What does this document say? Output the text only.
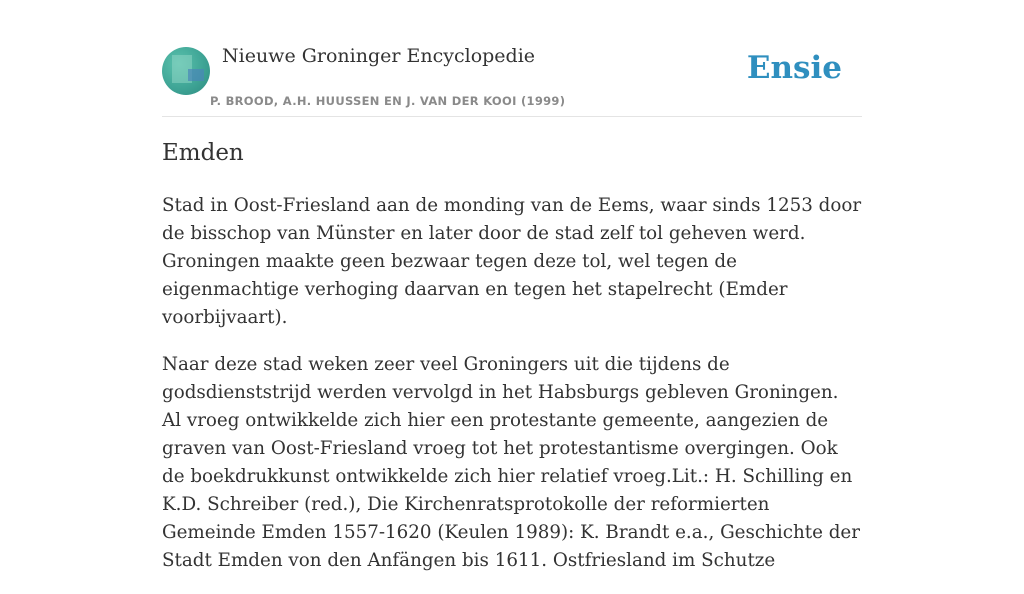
Nieuwe Groninger Encyclopedie
P. BROOD, A.H. HUUSSEN EN J. VAN DER KOOI (1999)
Ensie
Emden

Stad in Oost-Friesland aan de monding van de Eems, waar sinds 1253 door de bisschop van Münster en later door de stad zelf tol geheven werd. Groningen maakte geen bezwaar tegen deze tol, wel tegen de eigenmachtige verhoging daarvan en tegen het stapelrecht (Emder voorbijvaart).

Naar deze stad weken zeer veel Groningers uit die tijdens de godsdienststrijd werden vervolgd in het Habsburgs gebleven Groningen. Al vroeg ontwikkelde zich hier een protestante gemeente, aangezien de graven van Oost-Friesland vroeg tot het protestantisme overgingen. Ook de boekdrukkunst ontwikkelde zich hier relatief vroeg.Lit.: H. Schilling en K.D. Schreiber (red.), Die Kirchenratsprotokolle der reformierten Gemeinde Emden 1557-1620 (Keulen 1989): K. Brandt e.a., Geschichte der Stadt Emden von den Anfängen bis 1611. Ostfriesland im Schutze
